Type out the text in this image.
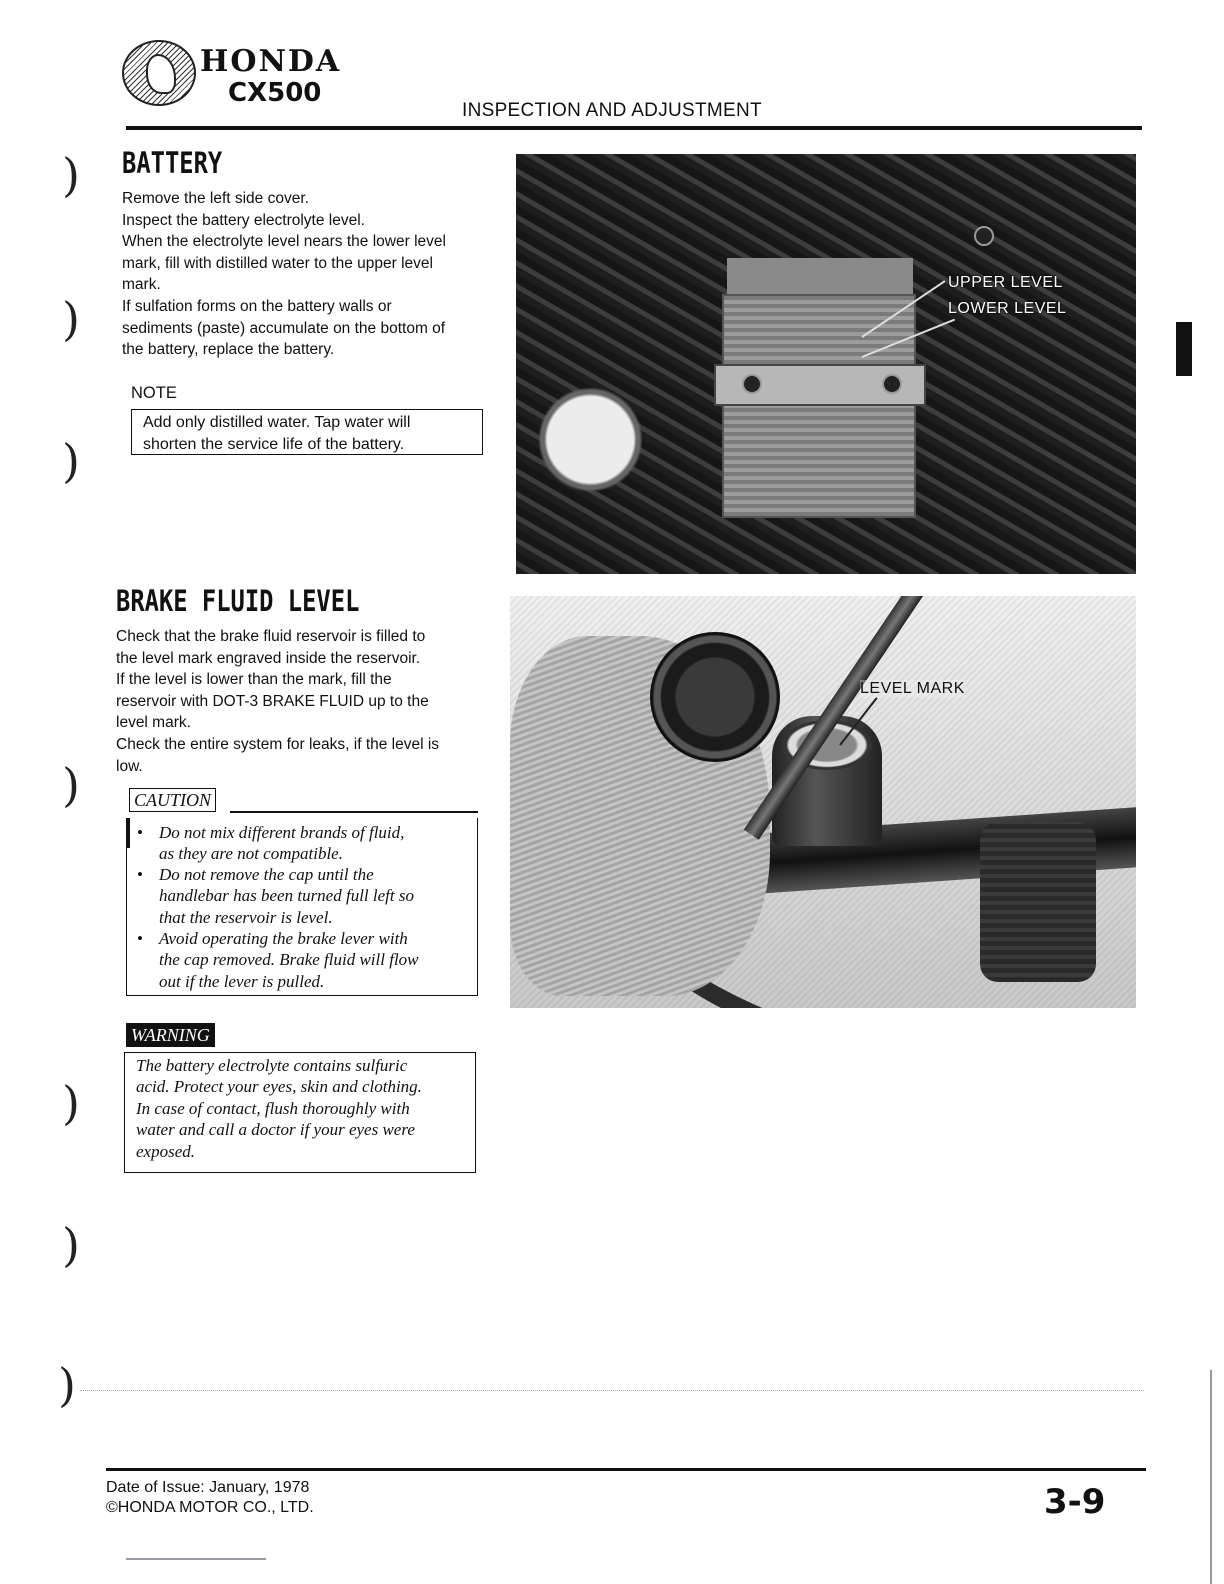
HONDA
CX500
INSPECTION AND ADJUSTMENT
)
)
)
)
)
)
)
BATTERY
Remove the left side cover.
Inspect the battery electrolyte level.
When the electrolyte level nears the lower level
mark, fill with distilled water to the upper level
mark.
If sulfation forms on the battery walls or
sediments (paste) accumulate on the bottom of
the battery, replace the battery.
NOTE
Add only distilled water. Tap water will
shorten the service life of the battery.
UPPER LEVEL
LOWER LEVEL
BRAKE FLUID LEVEL
Check that the brake fluid reservoir is filled to
the level mark engraved inside the reservoir.
If the level is lower than the mark, fill the
reservoir with DOT-3 BRAKE FLUID up to the
level mark.
Check the entire system for leaks, if the level is
low.
CAUTION
• Do not mix different brands of fluid,
as they are not compatible.
• Do not remove the cap until the
handlebar has been turned full left so
that the reservoir is level.
• Avoid operating the brake lever with
the cap removed. Brake fluid will flow
out if the lever is pulled.
WARNING
The battery electrolyte contains sulfuric
acid. Protect your eyes, skin and clothing.
In case of contact, flush thoroughly with
water and call a doctor if your eyes were
exposed.
LEVEL MARK
Date of Issue: January, 1978
©HONDA MOTOR CO., LTD.	3-9
